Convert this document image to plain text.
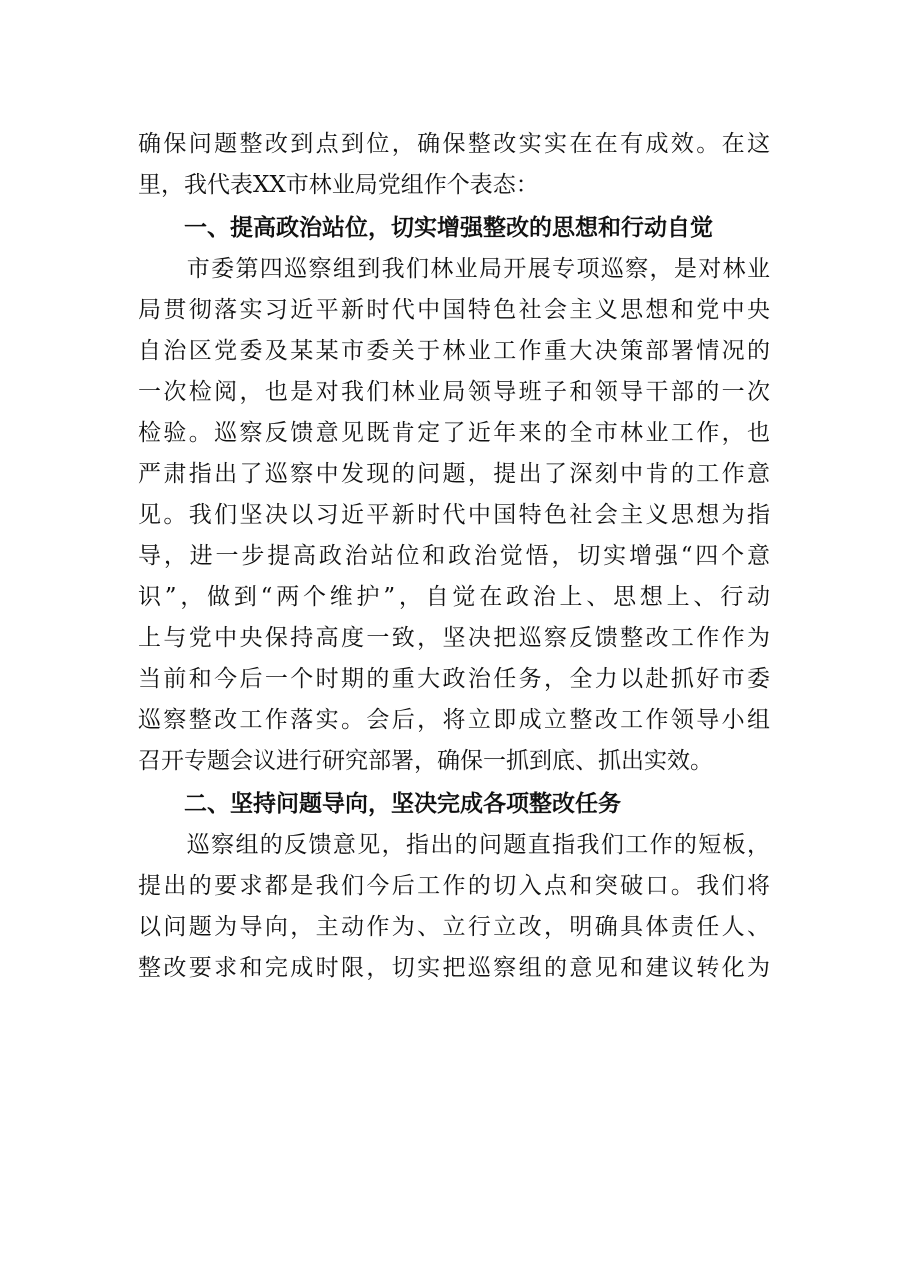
确保问题整改到点到位，确保整改实实在在有成效。在这
里，我代表XX市林业局党组作个表态：
一、提高政治站位，切实增强整改的思想和行动自觉
　　市委第四巡察组到我们林业局开展专项巡察，是对林业
局贯彻落实习近平新时代中国特色社会主义思想和党中央
自治区党委及某某市委关于林业工作重大决策部署情况的
一次检阅，也是对我们林业局领导班子和领导干部的一次
检验。巡察反馈意见既肯定了近年来的全市林业工作，也
严肃指出了巡察中发现的问题，提出了深刻中肯的工作意
见。我们坚决以习近平新时代中国特色社会主义思想为指
导，进一步提高政治站位和政治觉悟，切实增强“四个意
识”，做到“两个维护”，自觉在政治上、思想上、行动
上与党中央保持高度一致，坚决把巡察反馈整改工作作为
当前和今后一个时期的重大政治任务，全力以赴抓好市委
巡察整改工作落实。会后，将立即成立整改工作领导小组
召开专题会议进行研究部署，确保一抓到底、抓出实效。
二、坚持问题导向，坚决完成各项整改任务
　　巡察组的反馈意见，指出的问题直指我们工作的短板，
提出的要求都是我们今后工作的切入点和突破口。我们将
以问题为导向，主动作为、立行立改，明确具体责任人、
整改要求和完成时限，切实把巡察组的意见和建议转化为
